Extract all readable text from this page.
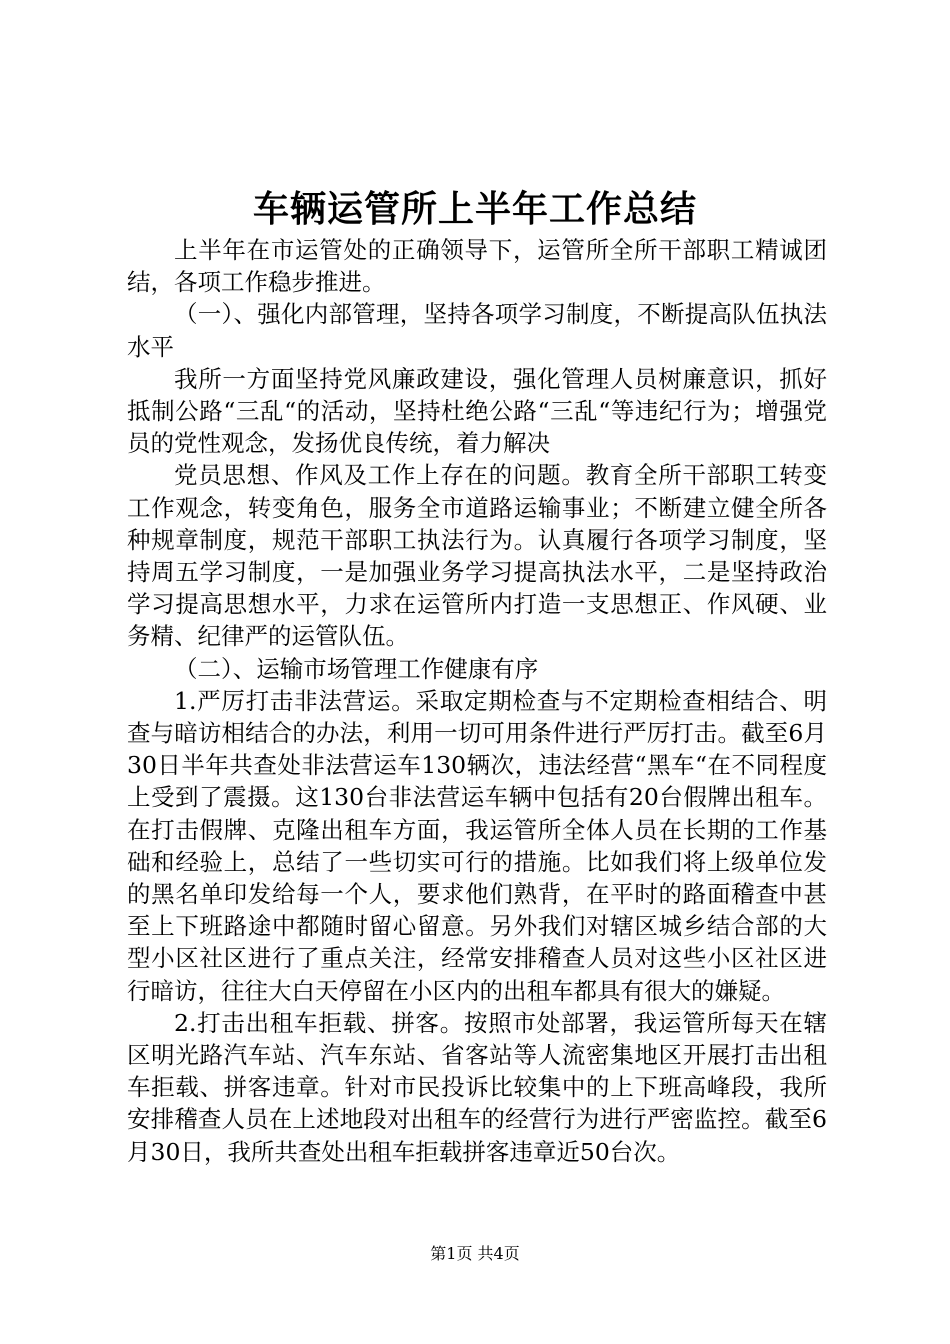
车辆运管所上半年工作总结

上半年在市运管处的正确领导下，运管所全所干部职工精诚团结，各项工作稳步推进。

（一）、强化内部管理，坚持各项学习制度，不断提高队伍执法水平

我所一方面坚持党风廉政建设，强化管理人员树廉意识，抓好抵制公路“三乱“的活动，坚持杜绝公路“三乱“等违纪行为；增强党员的党性观念，发扬优良传统，着力解决

党员思想、作风及工作上存在的问题。教育全所干部职工转变工作观念，转变角色，服务全市道路运输事业；不断建立健全所各种规章制度，规范干部职工执法行为。认真履行各项学习制度，坚持周五学习制度，一是加强业务学习提高执法水平，二是坚持政治学习提高思想水平，力求在运管所内打造一支思想正、作风硬、业务精、纪律严的运管队伍。

（二）、运输市场管理工作健康有序

1.严厉打击非法营运。采取定期检查与不定期检查相结合、明查与暗访相结合的办法，利用一切可用条件进行严厉打击。截至6月30日半年共查处非法营运车130辆次，违法经营“黑车“在不同程度上受到了震摄。这130台非法营运车辆中包括有20台假牌出租车。在打击假牌、克隆出租车方面，我运管所全体人员在长期的工作基础和经验上，总结了一些切实可行的措施。比如我们将上级单位发的黑名单印发给每一个人，要求他们熟背，在平时的路面稽查中甚至上下班路途中都随时留心留意。另外我们对辖区城乡结合部的大型小区社区进行了重点关注，经常安排稽查人员对这些小区社区进行暗访，往往大白天停留在小区内的出租车都具有很大的嫌疑。

2.打击出租车拒载、拼客。按照市处部署，我运管所每天在辖区明光路汽车站、汽车东站、省客站等人流密集地区开展打击出租车拒载、拼客违章。针对市民投诉比较集中的上下班高峰段，我所安排稽查人员在上述地段对出租车的经营行为进行严密监控。截至6月30日，我所共查处出租车拒载拼客违章近50台次。

第1页 共4页
